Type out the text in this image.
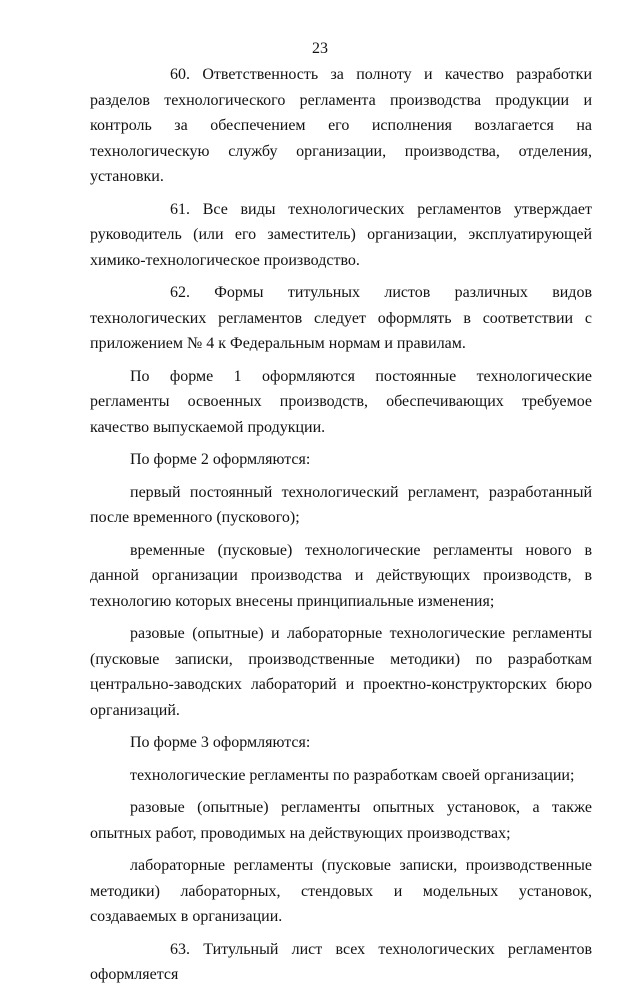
23

60. Ответственность за полноту и качество разработки разделов технологического регламента производства продукции и контроль за обеспечением его исполнения возлагается на технологическую службу организации, производства, отделения, установки.

61. Все виды технологических регламентов утверждает руководитель (или его заместитель) организации, эксплуатирующей химико-технологическое производство.

62. Формы титульных листов различных видов технологических регламентов следует оформлять в соответствии с приложением № 4 к Федеральным нормам и правилам.

По форме 1 оформляются постоянные технологические регламенты освоенных производств, обеспечивающих требуемое качество выпускаемой продукции.

По форме 2 оформляются:

первый постоянный технологический регламент, разработанный после временного (пускового);

временные (пусковые) технологические регламенты нового в данной организации производства и действующих производств, в технологию которых внесены принципиальные изменения;

разовые (опытные) и лабораторные технологические регламенты (пусковые записки, производственные методики) по разработкам центрально-заводских лабораторий и проектно-конструкторских бюро организаций.

По форме 3 оформляются:

технологические регламенты по разработкам своей организации;

разовые (опытные) регламенты опытных установок, а также опытных работ, проводимых на действующих производствах;

лабораторные регламенты (пусковые записки, производственные методики) лабораторных, стендовых и модельных установок, создаваемых в организации.

63. Титульный лист всех технологических регламентов оформляется
